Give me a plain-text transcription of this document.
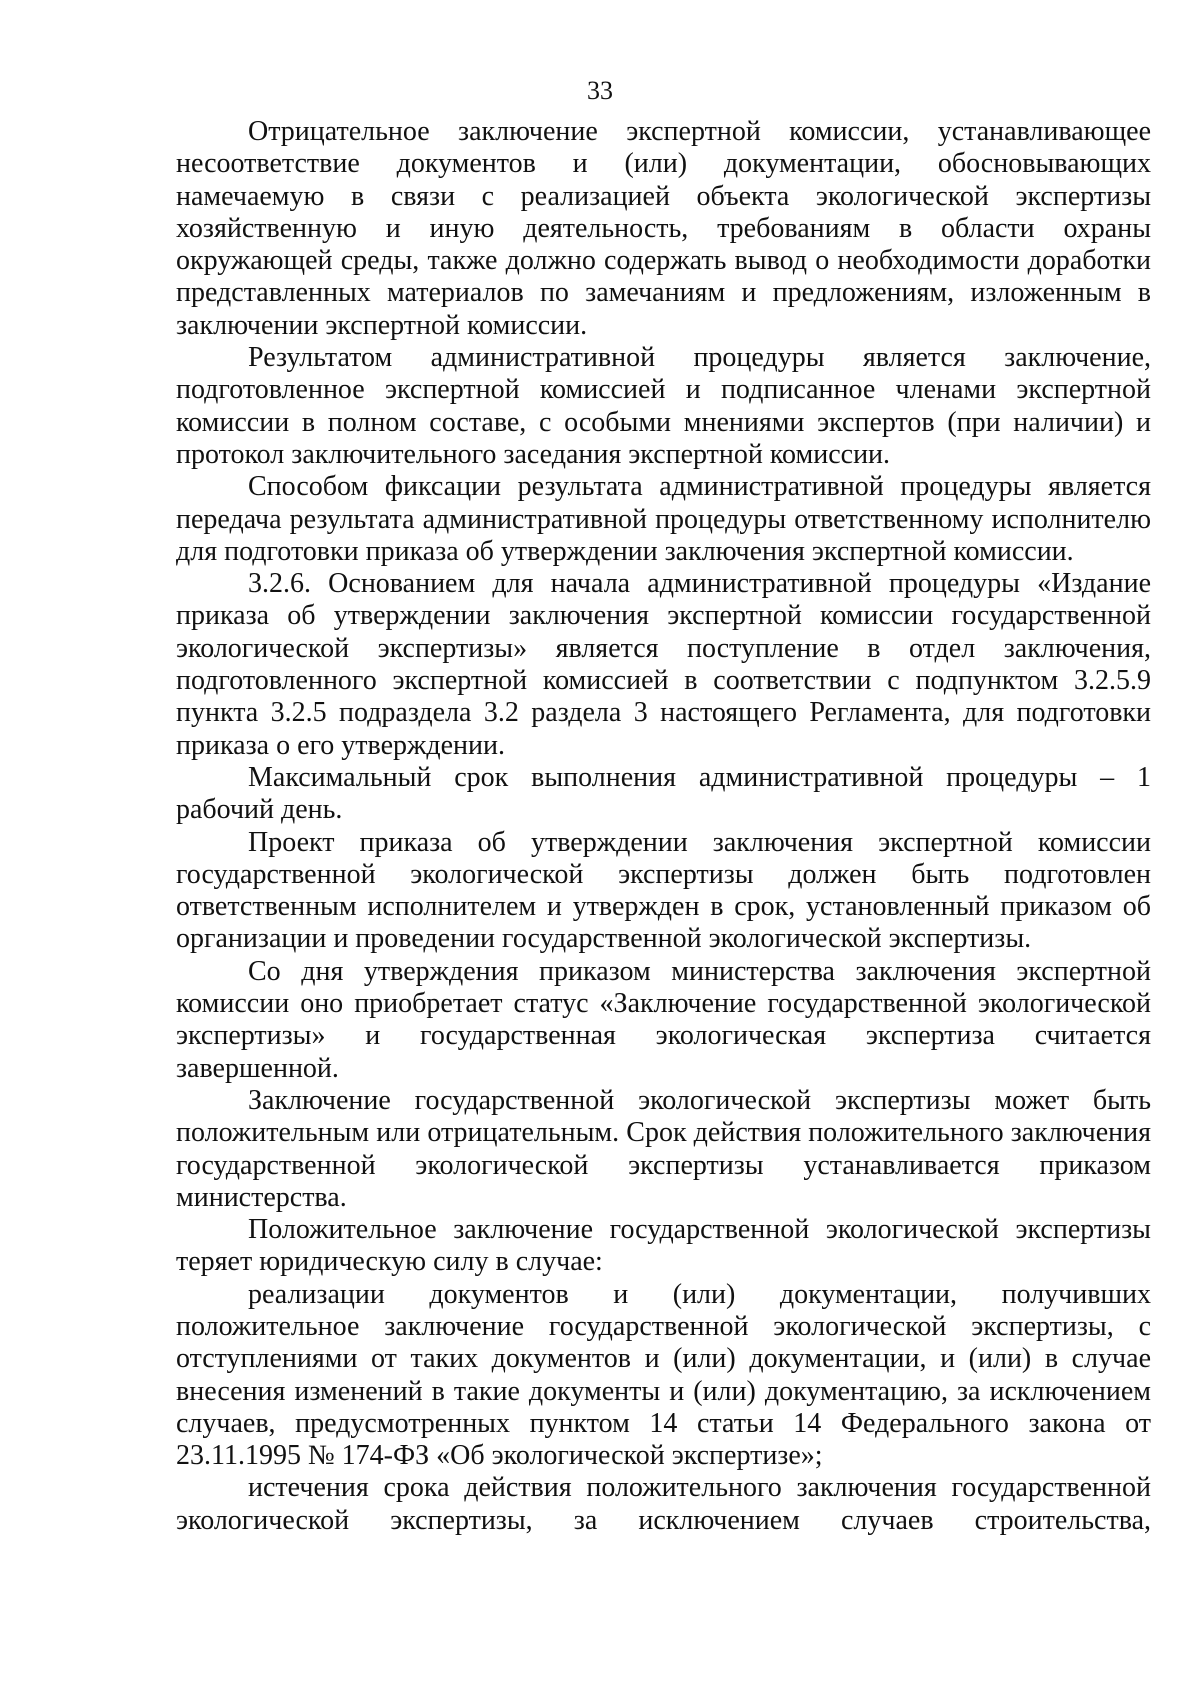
33

Отрицательное заключение экспертной комиссии, устанавливающее несоответствие документов и (или) документации, обосновывающих намечаемую в связи с реализацией объекта экологической экспертизы хозяйственную и иную деятельность, требованиям в области охраны окружающей среды, также должно содержать вывод о необходимости доработки представленных материалов по замечаниям и предложениям, изложенным в заключении экспертной комиссии.

Результатом административной процедуры является заключение, подготовленное экспертной комиссией и подписанное членами экспертной комиссии в полном составе, с особыми мнениями экспертов (при наличии) и протокол заключительного заседания экспертной комиссии.

Способом фиксации результата административной процедуры является передача результата административной процедуры ответственному исполнителю для подготовки приказа об утверждении заключения экспертной комиссии.

3.2.6. Основанием для начала административной процедуры «Издание приказа об утверждении заключения экспертной комиссии государственной экологической экспертизы» является поступление в отдел заключения, подготовленного экспертной комиссией в соответствии с подпунктом 3.2.5.9 пункта 3.2.5 подраздела 3.2 раздела 3 настоящего Регламента, для подготовки приказа о его утверждении.

Максимальный срок выполнения административной процедуры – 1 рабочий день.

Проект приказа об утверждении заключения экспертной комиссии государственной экологической экспертизы должен быть подготовлен ответственным исполнителем и утвержден в срок, установленный приказом об организации и проведении государственной экологической экспертизы.

Со дня утверждения приказом министерства заключения экспертной комиссии оно приобретает статус «Заключение государственной экологической экспертизы» и государственная экологическая экспертиза считается завершенной.

Заключение государственной экологической экспертизы может быть положительным или отрицательным. Срок действия положительного заключения государственной экологической экспертизы устанавливается приказом министерства.

Положительное заключение государственной экологической экспертизы теряет юридическую силу в случае:

реализации документов и (или) документации, получивших положительное заключение государственной экологической экспертизы, с отступлениями от таких документов и (или) документации, и (или) в случае внесения изменений в такие документы и (или) документацию, за исключением случаев, предусмотренных пунктом 14 статьи 14 Федерального закона от 23.11.1995 № 174-ФЗ «Об экологической экспертизе»;

истечения срока действия положительного заключения государственной экологической экспертизы, за исключением случаев строительства,
